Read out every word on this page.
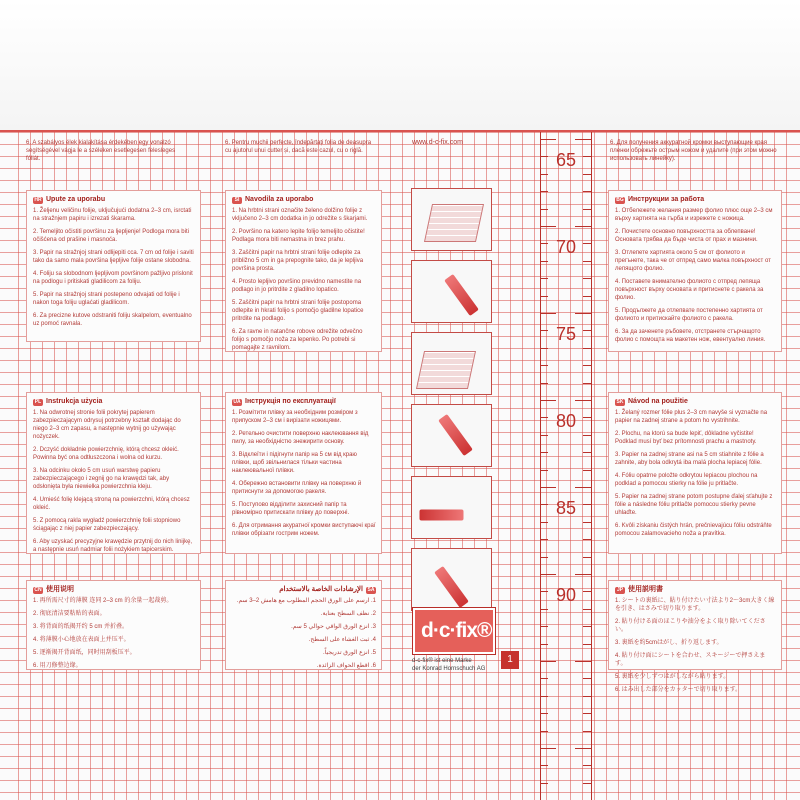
6. A szabályos élek kialakítása érdekében egy vonalzó segítségével vágja le a széleken esetlegesen felesleges fóliát.
6. Pentru muchii perfecte, îndepărtați folia de deasupra cu ajutorul unui cutter și, dacă este cazul, cu o riglă.
6. Для получения аккуратной кромки выступающие края пленки обрежьте острым ножом и удалите (при этом можно использовать линейку).
www.d-c-fix.com
HR Upute za uporabu
1. Željenu veličinu folije, uključujući dodatna 2–3 cm, isrctati na stražnjem papiru i izrezati škarama.
2. Temeljito očistiti površinu za ljepljenje! Podloga mora biti očišćena od prašine i masnoća.
3. Papir na stražnjoj strani odlijepiti cca. 7 cm od folije i saviti tako da samo mala površina ljepljive folije ostane slobodna.
4. Foliju sa slobodnom ljepljivom površinom pažljivo prislonit na podlogu i pritiskati gladilicom za foliju.
5. Papir na stražnjoj strani postepeno odvajati od folije i nakon toga foliju uglaćati gladilicom.
6. Za precizne kutove odstraniti foliju skalpelom, eventualno uz pomoć ravnala.
PL Instrukcja użycia
1. Na odwrotnej stronie folii pokrytej papierem zabezpieczającym odrysuj potrzebny kształt dodając do niego 2–3 cm zapasu, a następnie wytnij go używając nożyczek.
2. Dczyść dokładnie powierzchnię, którą chcesz okleić. Powinna być ona odtłuszczona i wolna od kurzu.
3. Na odcinku około 5 cm usuń warstwę papieru zabezpieczającego i zegnij go na krawędzi tak, aby odsłonięta była niewielka powierzchnia kleju.
4. Umieść folię klejącą stroną na powierzchni, którą chcesz okleić.
5. Z pomocą rakla wygładź powierzchnię folii stopniowo ściągając z niej papier zabezpieczający.
6. Aby uzyskać precyzyjne krawędzie przytnij do nich linijkę, a następnie usuń nadmiar folii nożykiem tapicerskim.
CN 使用说明
1. 再所需尺寸的薄膜 连同 2–3 cm 的余量一起裁剪。
2. 彻底清洁要粘贴的表面。
3. 将背面的纸揭开约 5 cm 并折叠。
4. 将薄膜小心地放在表面上并压平。
5. 逐渐揭开背面纸，同时用刮板压平。
6. 用刀修整边缘。
SI Navodila za uporabo
1. Na hrbtni strani označite želeno dolžino folije z vključeno 2–3 cm dodatka in jo odrežite s škarjami.
2. Površino na katero lepite folijo temeljito očistite! Podlaga mora biti nemastna in brez prahu.
3. Zaščitni papir na hrbtni strani folije odlepite za približno 5 cm in ga prepognite tako, da je lepljiva površina prosta.
4. Prosto lepljivo površino previdno namestite na podlago in jo pritrdite z gladilno lopatico.
5. Zaščitni papir na hrbtni strani folije postopoma odlepite in hkrati folijo s pomočjo gladilne lopatice pritrdite na podlago.
6. Za ravne in natančne robove odrežite odvečno folijo s pomočjo noža za lepenko. Po potrebi si pomagajte z ravnilom.
UA Інструкція по експлуатації
1. Розмітити плівку за необхідним розміром з припуском 2–3 см і вирізати ножицями.
2. Ретельно очистити поверхню наклеювання від пилу, за необхідністю знежирити основу.
3. Відклеїти і підігнути папір на 5 см від краю плівки, щоб звільнилася тільки частина наклеювальної плівки.
4. Обережно встановити плівку на поверхню й притиснути за допомогою ракеля.
5. Поступово відділити захисний папір та рівномірно притискати плівку до поверхні.
6. Для отримання акуратної кромки виступаючі краї плівки обрізати гострим ножем.
SA
الإرشادات الخاصة بالاستخدام
1. ارسم على الورق الحجم المطلوب مع هامش 2–3 سم.
2. نظف السطح بعناية.
3. انزع الورق الواقي حوالي 5 سم.
4. ثبت الغشاء على السطح.
5. انزع الورق تدريجياً.
6. اقطع الحواف الزائدة.
d·c·fix®
d-c-fix® ist eine Marke
der Konrad Hornschuch AG
1
65
70
75
80
85
90
BG Инструкции за работа
1. Отбележете желания размер фолио плюс още 2–3 см върху хартията на гърба и изрежете с ножица.
2. Почистете основно повърхността за облепване! Основата трябва да бъде чиста от прах и мазнини.
3. Отлепете хартията около 5 см от фолиото и прегънете, така че от отпред само малка повърхност от лепящото фолио.
4. Поставете внимателно фолиото с отпред лепяща повърхност върху основата и притиснете с ракела за фолио.
5. Продължете да отлепвате постепенно хартията от фолиото и притискайте фолиото с ракела.
6. За да заченете ръбовете, отстранете стърчащото фолио с помощта на макетен нож, евентуално линия.
SK Návod na použitie
1. Želaný rozmer fólie plus 2–3 cm navyše si vyznačte na papier na zadnej strane a potom ho vystrihnite.
2. Plochu, na ktorú sa bude lepiť, dôkladne vyčistite! Podklad musí byť bez prítomnosti prachu a mastnoty.
3. Papier na zadnej strane asi na 5 cm stiahnite z fólie a zahnite, aby bola odkrytá iba malá plocha lepiacej fólie.
4. Fóliu opatrne položte odkrytou lepiacou plochou na podklad a pomocou stierky na fólie ju pritlačte.
5. Papier na zadnej strane potom postupne ďalej sťahujte z fólie a následne fóliu pritlačte pomocou stierky pevne uhlaďte.
6. Kvôli získaniu čistých hrán, prečnievajúcu fóliu odstráňte pomocou zalamovacieho noža a pravítka.
JP 使用説明書
1. シートの裏紙に、貼り付けたい寸法より2〜3cm大きく線を引き、はさみで切り取ります。
2. 貼り付ける面のほこりや油分をよく取り除いてください。
3. 裏紙を約5cmはがし、折り返します。
4. 貼り付け面にシートを合わせ、スキージーで押さえます。
5. 裏紙を少しずつはがしながら貼ります。
6. はみ出した部分をカッターで切り取ります。
